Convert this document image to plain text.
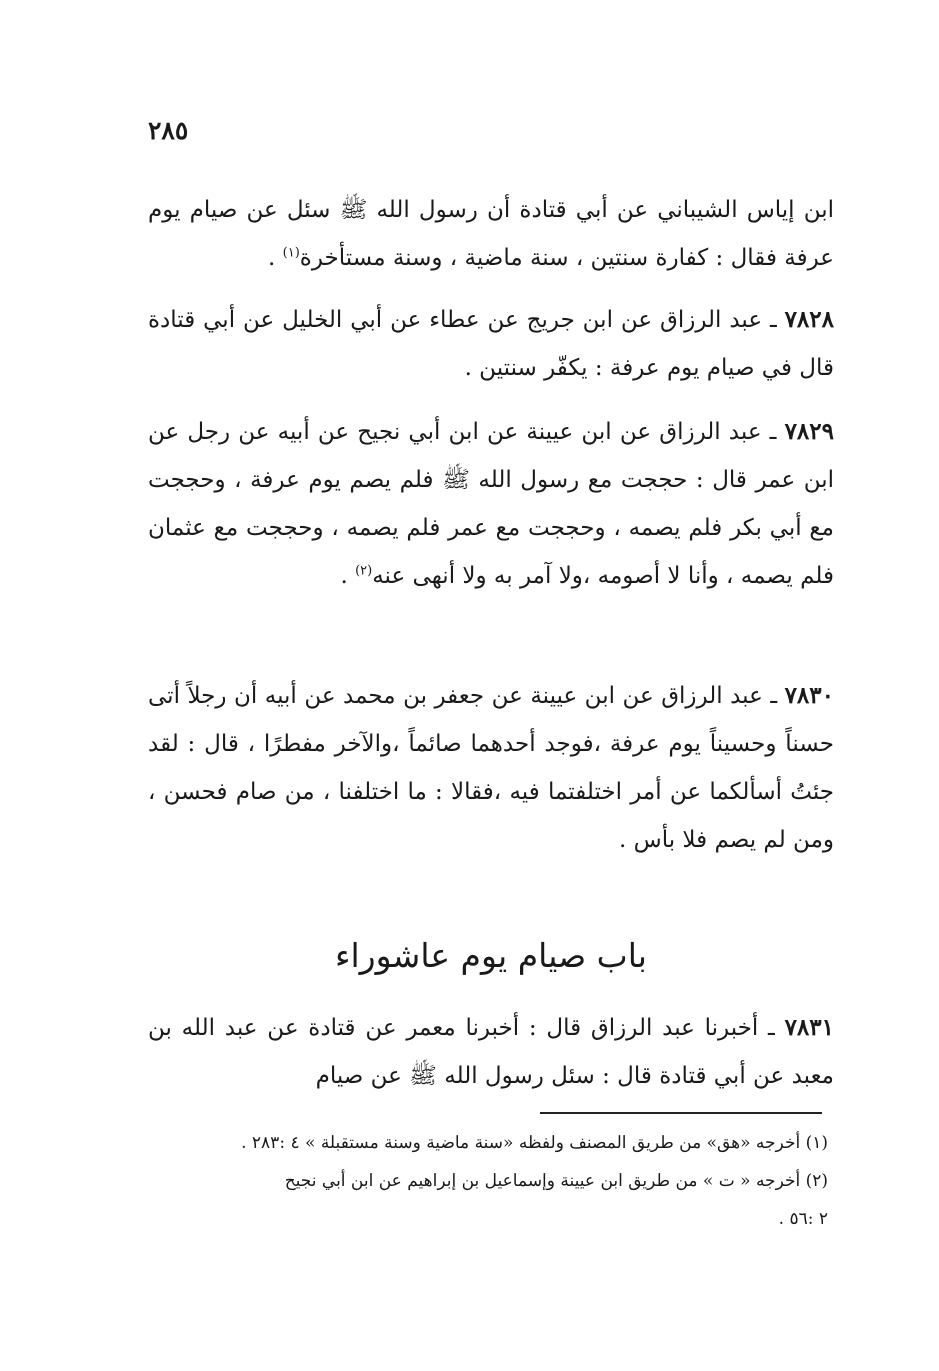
٢٨٥
ابن إياس الشيباني عن أبي قتادة أن رسول الله ﷺ سئل عن صيام يوم عرفة فقال : كفارة سنتين ، سنة ماضية ، وسنة مستأخرة$^{(١)}$ .
٧٨٢٨ ـ عبد الرزاق عن ابن جريج عن عطاء عن أبي الخليل عن أبي قتادة قال في صيام يوم عرفة : يكفّر سنتين .
٧٨٢٩ ـ عبد الرزاق عن ابن عيينة عن ابن أبي نجيح عن أبيه عن رجل عن ابن عمر قال : حججت مع رسول الله ﷺ فلم يصم يوم عرفة ، وحججت مع أبي بكر فلم يصمه ، وحججت مع عمر فلم يصمه ، وحججت مع عثمان فلم يصمه ، وأنا لا أصومه ،ولا آمر به ولا أنهى عنه$^{(٢)}$ .
٧٨٣٠ ـ عبد الرزاق عن ابن عيينة عن جعفر بن محمد عن أبيه أن رجلاً أتى حسناً وحسيناً يوم عرفة ،فوجد أحدهما صائماً ،والآخر مفطرًا ، قال : لقد جئتُ أسألكما عن أمر اختلفتما فيه ،فقالا : ما اختلفنا ، من صام فحسن ، ومن لم يصم فلا بأس .
باب صيام يوم عاشوراء
٧٨٣١ ـ أخبرنا عبد الرزاق قال : أخبرنا معمر عن قتادة عن عبد الله بن معبد عن أبي قتادة قال : سئل رسول الله ﷺ عن صيام
(١) أخرجه «هق» من طريق المصنف ولفظه «سنة ماضية وسنة مستقبلة » ٤ :٢٨٣ .
(٢) أخرجه « ت » من طريق ابن عيينة وإسماعيل بن إبراهيم عن ابن أبي نجيح
٢ :٥٦ .
